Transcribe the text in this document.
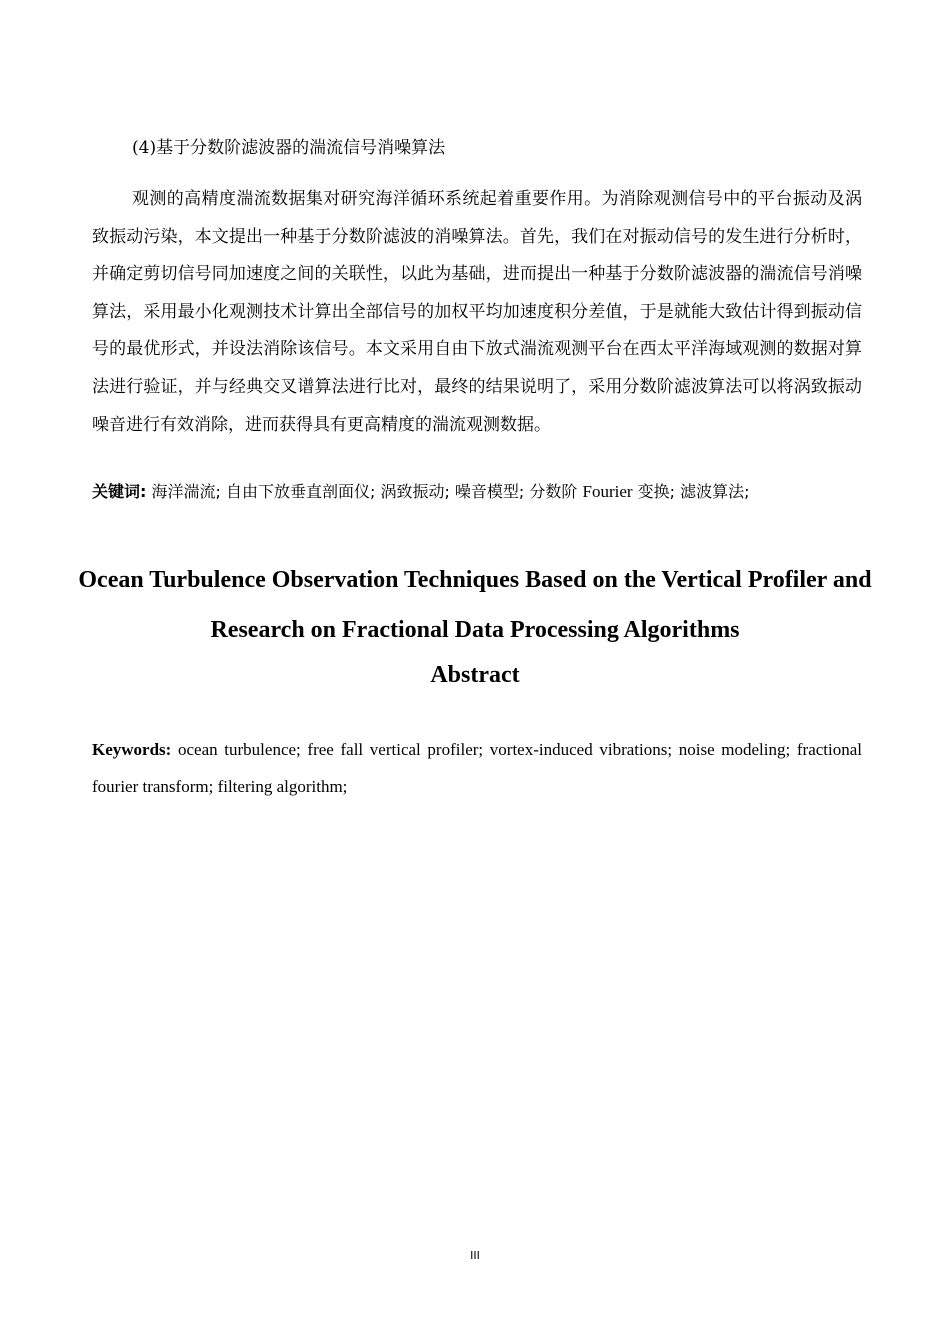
(4)基于分数阶滤波器的湍流信号消噪算法

观测的高精度湍流数据集对研究海洋循环系统起着重要作用。为消除观测信号中的平台振动及涡致振动污染，本文提出一种基于分数阶滤波的消噪算法。首先，我们在对振动信号的发生进行分析时，并确定剪切信号同加速度之间的关联性，以此为基础，进而提出一种基于分数阶滤波器的湍流信号消噪算法，采用最小化观测技术计算出全部信号的加权平均加速度积分差值，于是就能大致估计得到振动信号的最优形式，并设法消除该信号。本文采用自由下放式湍流观测平台在西太平洋海域观测的数据对算法进行验证，并与经典交叉谱算法进行比对，最终的结果说明了，采用分数阶滤波算法可以将涡致振动噪音进行有效消除，进而获得具有更高精度的湍流观测数据。

关键词: 海洋湍流; 自由下放垂直剖面仪; 涡致振动; 噪音模型; 分数阶 Fourier 变换; 滤波算法;
Ocean Turbulence Observation Techniques Based on the Vertical Profiler and Research on Fractional Data Processing Algorithms
Abstract

Keywords: ocean turbulence; free fall vertical profiler; vortex-induced vibrations; noise modeling; fractional fourier transform; filtering algorithm;

III
